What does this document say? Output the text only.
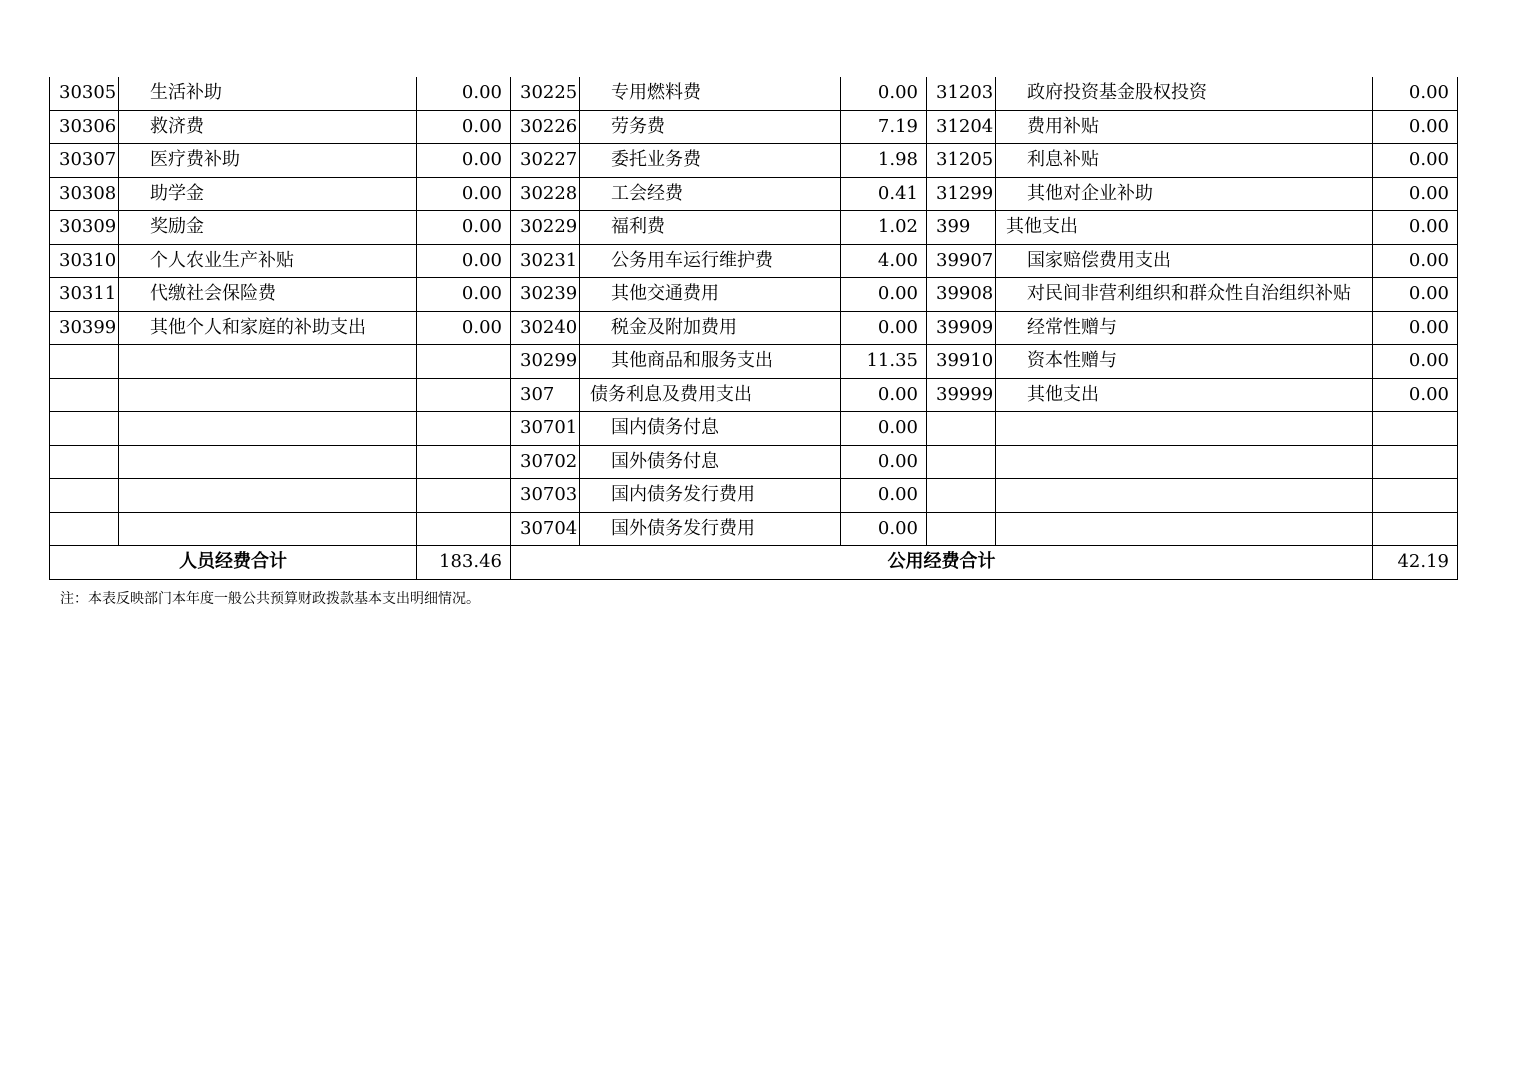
30305	生活补助	0.00	30225	专用燃料费	0.00	31203	政府投资基金股权投资	0.00
30306	救济费	0.00	30226	劳务费	7.19	31204	费用补贴	0.00
30307	医疗费补助	0.00	30227	委托业务费	1.98	31205	利息补贴	0.00
30308	助学金	0.00	30228	工会经费	0.41	31299	其他对企业补助	0.00
30309	奖励金	0.00	30229	福利费	1.02	399	其他支出	0.00
30310	个人农业生产补贴	0.00	30231	公务用车运行维护费	4.00	39907	国家赔偿费用支出	0.00
30311	代缴社会保险费	0.00	30239	其他交通费用	0.00	39908	对民间非营利组织和群众性自治组织补贴	0.00
30399	其他个人和家庭的补助支出	0.00	30240	税金及附加费用	0.00	39909	经常性赠与	0.00
			30299	其他商品和服务支出	11.35	39910	资本性赠与	0.00
			307	债务利息及费用支出	0.00	39999	其他支出	0.00
			30701	国内债务付息	0.00			
			30702	国外债务付息	0.00			
			30703	国内债务发行费用	0.00			
			30704	国外债务发行费用	0.00			
人员经费合计		183.46	公用经费合计					42.19
注：本表反映部门本年度一般公共预算财政拨款基本支出明细情况。
